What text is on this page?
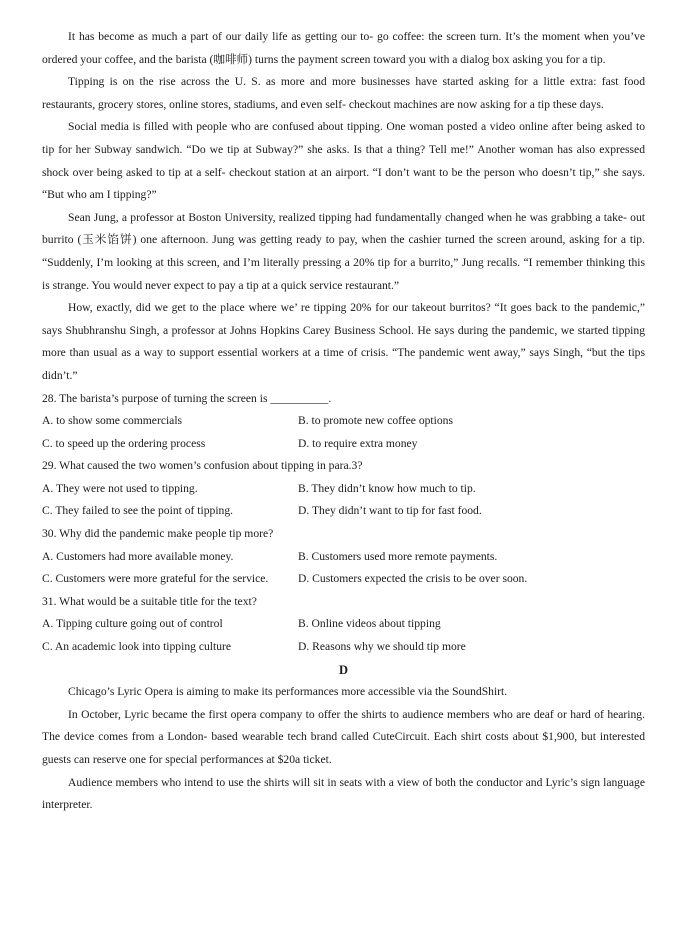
It has become as much a part of our daily life as getting our to- go coffee: the screen turn. It’s the moment when you’ve ordered your coffee, and the barista (咖啡师) turns the payment screen toward you with a dialog box asking you for a tip.

Tipping is on the rise across the U. S. as more and more businesses have started asking for a little extra: fast food restaurants, grocery stores, online stores, stadiums, and even self- checkout machines are now asking for a tip these days.

Social media is filled with people who are confused about tipping. One woman posted a video online after being asked to tip for her Subway sandwich. “Do we tip at Subway?” she asks. Is that a thing? Tell me!” Another woman has also expressed shock over being asked to tip at a self- checkout station at an airport. “I don’t want to be the person who doesn’t tip,” she says. “But who am I tipping?”

Sean Jung, a professor at Boston University, realized tipping had fundamentally changed when he was grabbing a take- out burrito (玉米馅饼) one afternoon. Jung was getting ready to pay, when the cashier turned the screen around, asking for a tip. “Suddenly, I’m looking at this screen, and I’m literally pressing a 20% tip for a burrito,” Jung recalls. “I remember thinking this is strange. You would never expect to pay a tip at a quick service restaurant.”

How, exactly, did we get to the place where we’ re tipping 20% for our takeout burritos? “It goes back to the pandemic,” says Shubhranshu Singh, a professor at Johns Hopkins Carey Business School. He says during the pandemic, we started tipping more than usual as a way to support essential workers at a time of crisis. “The pandemic went away,” says Singh, “but the tips didn’t.”

28. The barista’s purpose of turning the screen is __________.

A. to show some commercials	B. to promote new coffee options
C. to speed up the ordering process	D. to require extra money

29. What caused the two women’s confusion about tipping in para.3?

A. They were not used to tipping.	B. They didn’t know how much to tip.
C. They failed to see the point of tipping.	D. They didn’t want to tip for fast food.

30. Why did the pandemic make people tip more?

A. Customers had more available money.	B. Customers used more remote payments.
C. Customers were more grateful for the service.	D. Customers expected the crisis to be over soon.

31. What would be a suitable title for the text?

A. Tipping culture going out of control	B. Online videos about tipping
C. An academic look into tipping culture	D. Reasons why we should tip more

D

Chicago’s Lyric Opera is aiming to make its performances more accessible via the SoundShirt.

In October, Lyric became the first opera company to offer the shirts to audience members who are deaf or hard of hearing. The device comes from a London- based wearable tech brand called CuteCircuit. Each shirt costs about $1,900, but interested guests can reserve one for special performances at $20a ticket.

Audience members who intend to use the shirts will sit in seats with a view of both the conductor and Lyric’s sign language interpreter.
